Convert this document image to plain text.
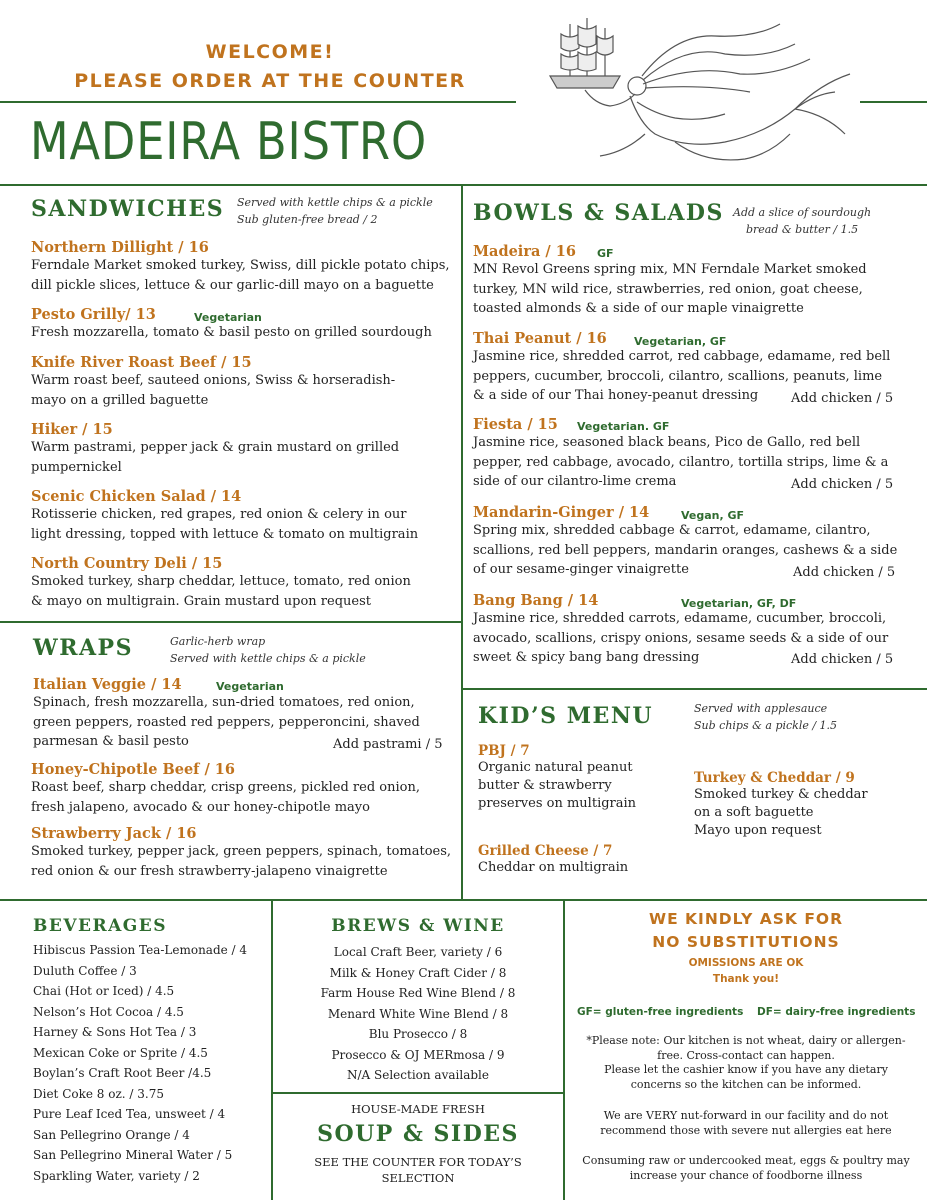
WELCOME!
PLEASE ORDER AT THE COUNTER
MADEIRA BISTRO
SANDWICHES Served with kettle chips & a pickle
Sub gluten-free bread / 2
Northern Dillight / 16
Ferndale Market smoked turkey, Swiss, dill pickle potato chips,
dill pickle slices, lettuce & our garlic-dill mayo on a baguette
Pesto Grilly/ 13
Fresh mozzarella, tomato & basil pesto on grilled sourdough
Vegetarian
Knife River Roast Beef / 15
Warm roast beef, sauteed onions, Swiss & horseradish-
mayo on a grilled baguette
Hiker / 15
Warm pastrami, pepper jack & grain mustard on grilled
pumpernickel
Scenic Chicken Salad / 14
Rotisserie chicken, red grapes, red onion & celery in our
light dressing, topped with lettuce & tomato on multigrain
North Country Deli / 15
Smoked turkey, sharp cheddar, lettuce, tomato, red onion
& mayo on multigrain. Grain mustard upon request
WRAPS	Garlic-herb wrap
Served with kettle chips & a pickle
Italian Veggie / 14
Spinach, fresh mozzarella, sun-dried tomatoes, red onion,
green peppers, roasted red peppers, pepperoncini, shaved
parmesan & basil pesto
Vegetarian
Add pastrami / 5
Honey-Chipotle Beef / 16
Roast beef, sharp cheddar, crisp greens, pickled red onion,
fresh jalapeno, avocado & our honey-chipotle mayo
Strawberry Jack / 16
Smoked turkey, pepper jack, green peppers, spinach, tomatoes,
red onion & our fresh strawberry-jalapeno vinaigrette
BOWLS & SALADS Add a slice of sourdough
bread & butter / 1.5
Madeira / 16
MN Revol Greens spring mix, MN Ferndale Market smoked
turkey, MN wild rice, strawberries, red onion, goat cheese,
toasted almonds & a side of our maple vinaigrette
GF
Thai Peanut / 16
Jasmine rice, shredded carrot, red cabbage, edamame, red bell
peppers, cucumber, broccoli, cilantro, scallions, peanuts, lime
& a side of our Thai honey-peanut dressing
Vegetarian, GF
Add chicken / 5
Fiesta / 15
Jasmine rice, seasoned black beans, Pico de Gallo, red bell
pepper, red cabbage, avocado, cilantro, tortilla strips, lime & a
side of our cilantro-lime crema
Vegetarian. GF
Add chicken / 5
Mandarin-Ginger / 14
Spring mix, shredded cabbage & carrot, edamame, cilantro,
scallions, red bell peppers, mandarin oranges, cashews & a side
of our sesame-ginger vinaigrette
Vegan, GF
Add chicken / 5
Bang Bang / 14
Jasmine rice, shredded carrots, edamame, cucumber, broccoli,
avocado, scallions, crispy onions, sesame seeds & a side of our
sweet & spicy bang bang dressing
Vegetarian, GF, DF
Add chicken / 5
KID’S MENU	Served with applesauce
Sub chips & a pickle / 1.5
PBJ / 7
Organic natural peanut
butter & strawberry
preserves on multigrain
Turkey & Cheddar / 9
Smoked turkey & cheddar
on a soft baguette
Mayo upon request
Grilled Cheese / 7
Cheddar on multigrain
BEVERAGES
Hibiscus Passion Tea-Lemonade / 4
Duluth Coffee / 3
Chai (Hot or Iced) / 4.5
Nelson’s Hot Cocoa / 4.5
Harney & Sons Hot Tea / 3
Mexican Coke or Sprite / 4.5
Boylan’s Craft Root Beer /4.5
Diet Coke 8 oz. / 3.75
Pure Leaf Iced Tea, unsweet / 4
San Pellegrino Orange / 4
San Pellegrino Mineral Water / 5
Sparkling Water, variety / 2
BREWS & WINE
Local Craft Beer, variety / 6
Milk & Honey Craft Cider / 8
Farm House Red Wine Blend / 8
Menard White Wine Blend / 8
Blu Prosecco / 8
Prosecco & OJ MERmosa / 9
N/A Selection available
HOUSE-MADE FRESH
SOUP & SIDES
SEE THE COUNTER FOR TODAY’S
SELECTION
WE KINDLY ASK FOR
NO SUBSTITUTIONS
OMISSIONS ARE OK
Thank you!
GF= gluten-free ingredients DF= dairy-free ingredients
*Please note: Our kitchen is not wheat, dairy or allergen-
free. Cross-contact can happen.
Please let the cashier know if you have any dietary
concerns so the kitchen can be informed.
We are VERY nut-forward in our facility and do not
recommend those with severe nut allergies eat here
Consuming raw or undercooked meat, eggs & poultry may
increase your chance of foodborne illness
